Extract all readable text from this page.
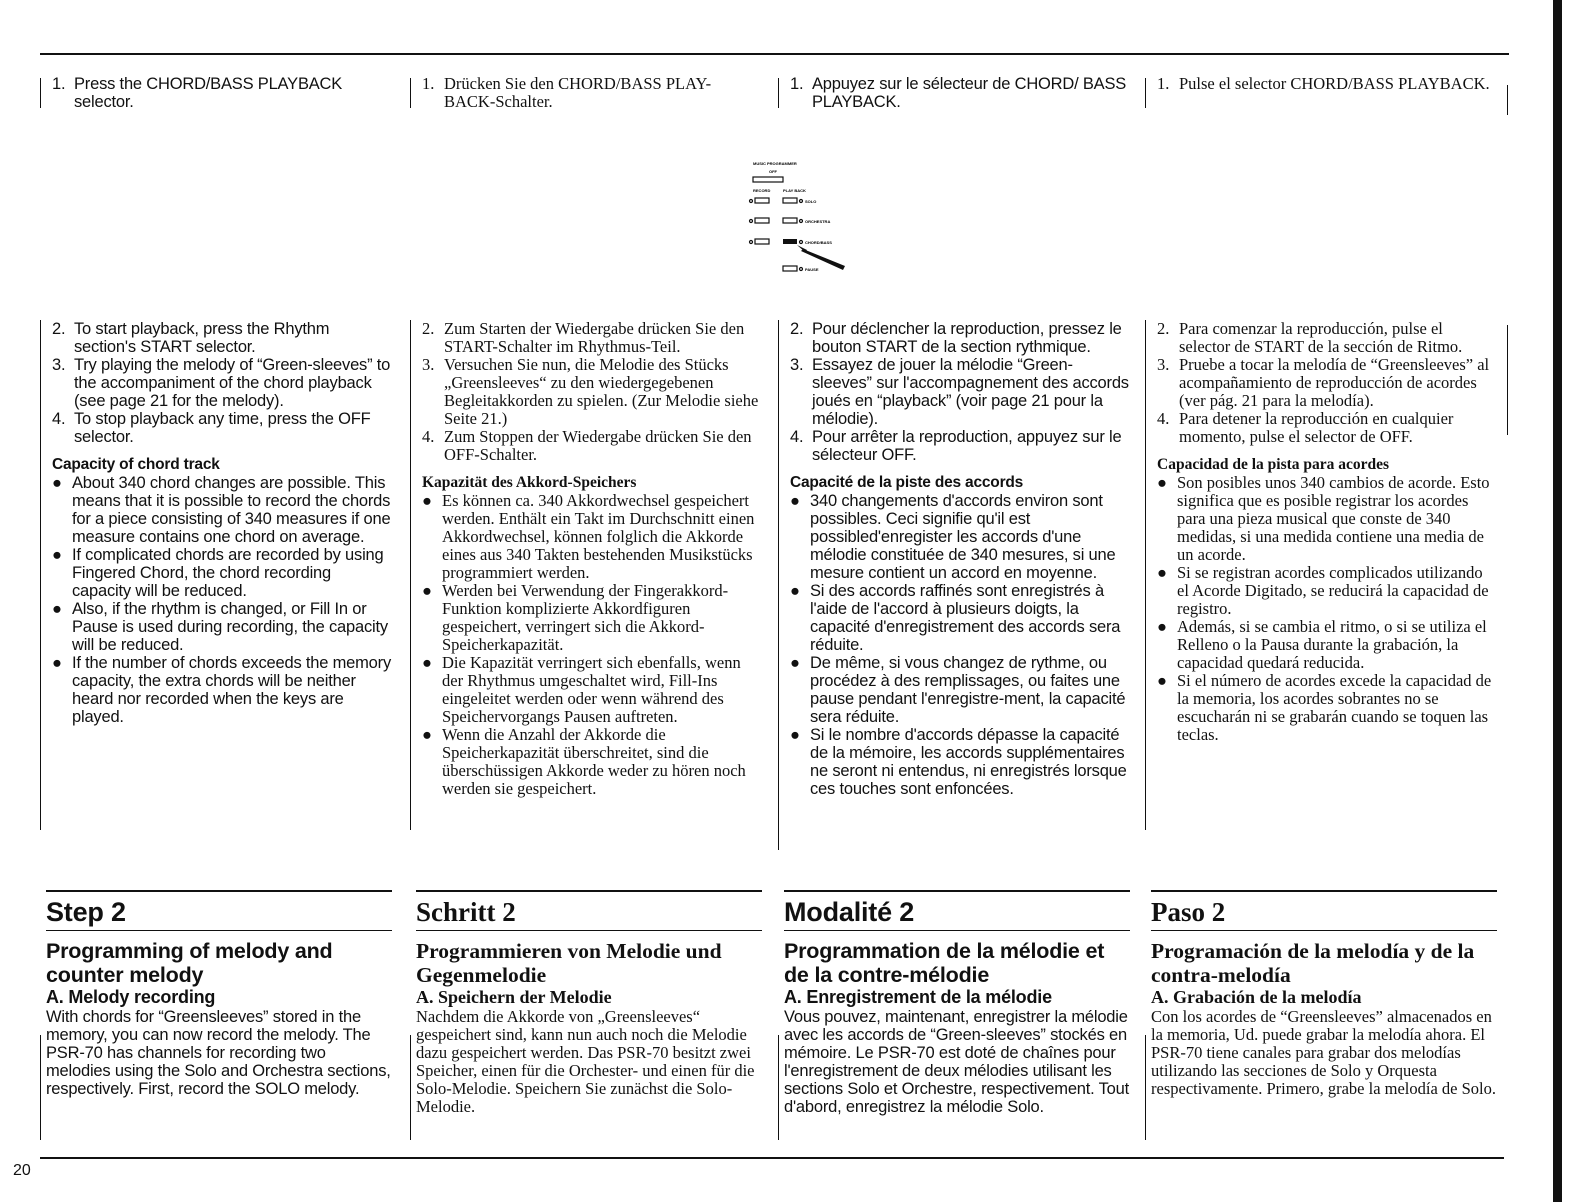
20
MUSIC PROGRAMMER
OFF
RECORD	PLAY BACK
SOLO
ORCHESTRA
CHORD/BASS
PAUSE
1. Press the CHORD/BASS PLAYBACK selector.
2. To start playback, press the Rhythm section's START selector.
3. Try playing the melody of “Green-sleeves” to the accompaniment of the chord playback (see page 21 for the melody).
4. To stop playback any time, press the OFF selector.
Capacity of chord track
● About 340 chord changes are possible. This means that it is possible to record the chords for a piece consisting of 340 measures if one measure contains one chord on average.
● If complicated chords are recorded by using Fingered Chord, the chord recording capacity will be reduced.
● Also, if the rhythm is changed, or Fill In or Pause is used during recording, the capacity will be reduced.
● If the number of chords exceeds the memory capacity, the extra chords will be neither heard nor recorded when the keys are played.
Step 2
Programming of melody and counter melody
A. Melody recording
With chords for “Greensleeves” stored in the memory, you can now record the melody. The PSR-70 has channels for recording two melodies using the Solo and Orchestra sections, respectively. First, record the SOLO melody.
1. Drücken Sie den CHORD/BASS PLAY-BACK-Schalter.
2. Zum Starten der Wiedergabe drücken Sie den START-Schalter im Rhythmus-Teil.
3. Versuchen Sie nun, die Melodie des Stücks „Greensleeves“ zu den wiedergegebenen Begleitakkorden zu spielen. (Zur Melodie siehe Seite 21.)
4. Zum Stoppen der Wiedergabe drücken Sie den OFF-Schalter.
Kapazität des Akkord-Speichers
● Es können ca. 340 Akkordwechsel gespeichert werden. Enthält ein Takt im Durchschnitt einen Akkordwechsel, können folglich die Akkorde eines aus 340 Takten bestehenden Musikstücks programmiert werden.
● Werden bei Verwendung der Fingerakkord-Funktion komplizierte Akkordfiguren gespeichert, verringert sich die Akkord-Speicherkapazität.
● Die Kapazität verringert sich ebenfalls, wenn der Rhythmus umgeschaltet wird, Fill-Ins eingeleitet werden oder wenn während des Speichervorgangs Pausen auftreten.
● Wenn die Anzahl der Akkorde die Speicherkapazität überschreitet, sind die überschüssigen Akkorde weder zu hören noch werden sie gespeichert.
Schritt 2
Programmieren von Melodie und Gegenmelodie
A. Speichern der Melodie
Nachdem die Akkorde von „Greensleeves“ gespeichert sind, kann nun auch noch die Melodie dazu gespeichert werden. Das PSR-70 besitzt zwei Speicher, einen für die Orchester- und einen für die Solo-Melodie. Speichern Sie zunächst die Solo-Melodie.
1. Appuyez sur le sélecteur de CHORD/ BASS PLAYBACK.
2. Pour déclencher la reproduction, pressez le bouton START de la section rythmique.
3. Essayez de jouer la mélodie “Green-sleeves” sur l'accompagnement des accords joués en “playback” (voir page 21 pour la mélodie).
4. Pour arrêter la reproduction, appuyez sur le sélecteur OFF.
Capacité de la piste des accords
● 340 changements d'accords environ sont possibles. Ceci signifie qu'il est possibled'enregister les accords d'une mélodie constituée de 340 mesures, si une mesure contient un accord en moyenne.
● Si des accords raffinés sont enregistrés à l'aide de l'accord à plusieurs doigts, la capacité d'enregistrement des accords sera réduite.
● De même, si vous changez de rythme, ou procédez à des remplissages, ou faites une pause pendant l'enregistre-ment, la capacité sera réduite.
● Si le nombre d'accords dépasse la capacité de la mémoire, les accords supplémentaires ne seront ni entendus, ni enregistrés lorsque ces touches sont enfoncées.
Modalité 2
Programmation de la mélodie et de la contre-mélodie
A. Enregistrement de la mélodie
Vous pouvez, maintenant, enregistrer la mélodie avec les accords de “Green-sleeves” stockés en mémoire. Le PSR-70 est doté de chaînes pour l'enregistrement de deux mélodies utilisant les sections Solo et Orchestre, respectivement. Tout d'abord, enregistrez la mélodie Solo.
1. Pulse el selector CHORD/BASS PLAYBACK.
2. Para comenzar la reproducción, pulse el selector de START de la sección de Ritmo.
3. Pruebe a tocar la melodía de “Greensleeves” al acompañamiento de reproducción de acordes (ver pág. 21 para la melodía).
4. Para detener la reproducción en cualquier momento, pulse el selector de OFF.
Capacidad de la pista para acordes
● Son posibles unos 340 cambios de acorde. Esto significa que es posible registrar los acordes para una pieza musical que conste de 340 medidas, si una medida contiene una media de un acorde.
● Si se registran acordes complicados utilizando el Acorde Digitado, se reducirá la capacidad de registro.
● Además, si se cambia el ritmo, o si se utiliza el Relleno o la Pausa durante la grabación, la capacidad quedará reducida.
● Si el número de acordes excede la capacidad de la memoria, los acordes sobrantes no se escucharán ni se grabarán cuando se toquen las teclas.
Paso 2
Programación de la melodía y de la contra-melodía
A. Grabación de la melodía
Con los acordes de “Greensleeves” almacenados en la memoria, Ud. puede grabar la melodía ahora. El PSR-70 tiene canales para grabar dos melodías utilizando las secciones de Solo y Orquesta respectivamente. Primero, grabe la melodía de Solo.
